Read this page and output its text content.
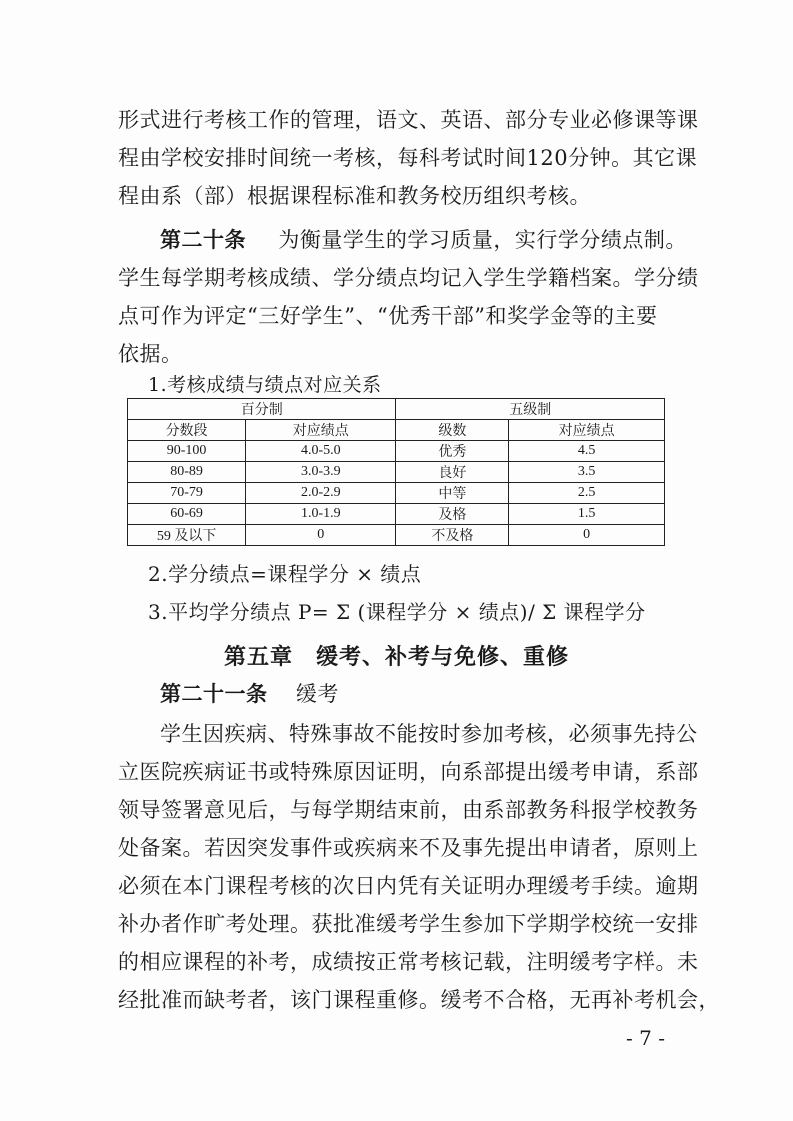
形式进行考核工作的管理，语文、英语、部分专业必修课等课
程由学校安排时间统一考核，每科考试时间120分钟。其它课
程由系（部）根据课程标准和教务校历组织考核。
第二十条 为衡量学生的学习质量，实行学分绩点制。
学生每学期考核成绩、学分绩点均记入学生学籍档案。学分绩
点可作为评定“三好学生”、“优秀干部”和奖学金等的主要
依据。
1.考核成绩与绩点对应关系
百分制		五级制	
分数段	对应绩点	级数	对应绩点
90-100	4.0-5.0	优秀	4.5
80-89	3.0-3.9	良好	3.5
70-79	2.0-2.9	中等	2.5
60-69	1.0-1.9	及格	1.5
59 及以下	0	不及格	0
2.学分绩点=课程学分 × 绩点
3.平均学分绩点 P= Σ (课程学分 × 绩点)/ Σ 课程学分
第五章　缓考、补考与免修、重修
第二十一条 缓考
学生因疾病、特殊事故不能按时参加考核，必须事先持公
立医院疾病证书或特殊原因证明，向系部提出缓考申请，系部
领导签署意见后，与每学期结束前，由系部教务科报学校教务
处备案。若因突发事件或疾病来不及事先提出申请者，原则上
必须在本门课程考核的次日内凭有关证明办理缓考手续。逾期
补办者作旷考处理。获批准缓考学生参加下学期学校统一安排
的相应课程的补考，成绩按正常考核记载，注明缓考字样。未
经批准而缺考者，该门课程重修。缓考不合格，无再补考机会，
- 7 -
